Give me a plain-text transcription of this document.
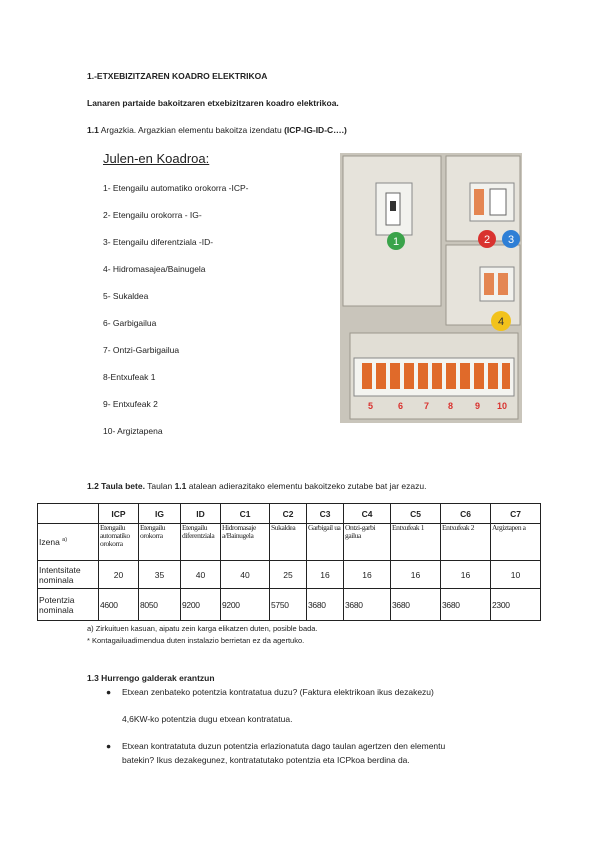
1.-ETXEBIZITZAREN KOADRO ELEKTRIKOA
Lanaren partaide bakoitzaren etxebizitzaren koadro elektrikoa.
1.1 Argazkia. Argazkian elementu bakoitza izendatu (ICP-IG-ID-C….)
Julen-en Koadroa:
1- Etengailu automatiko orokorra -ICP-
2- Etengailu orokorra - IG-
3- Etengailu diferentziala -ID-
4- Hidromasajea/Bainugela
5- Sukaldea
6- Garbigailua
7- Ontzi-Garbigailua
8-Entxufeak 1
9- Entxufeak 2
10- Argiztapena
1	2 3
4
5	6 7 8 9 10
1.2 Taula bete. Taulan 1.1 atalean adierazitako elementu bakoitzeko zutabe bat jar ezazu.
	ICP	IG	ID	C1	C2	C3	C4	C5	C6	C7
Izena $^{a)}$	Etengailu automatiko orokorra	Etengailu orokorra	Etengailu diferentziala	Hidromasaje a/Bainugela	Sukaldea	Garbigail ua	Ontzi-garbi gailua	Entxufeak 1	Entxufeak 2	Argiztapen a
Intentsitate nominala	20	35	40	40	25	16	16	16	16	10
Potentzia nominala	4600	8050	9200	9200	5750	3680	3680	3680	3680	2300
a) Zirkuituen kasuan, aipatu zein karga elikatzen duten, posible bada.
* Kontagailuadimendua duten instalazio berrietan ez da agertuko.
1.3 Hurrengo galderak erantzun
● Etxean zenbateko potentzia kontratatua duzu? (Faktura elektrikoan ikus dezakezu)
4,6KW-ko potentzia dugu etxean kontratatua.
● Etxean kontratatuta duzun potentzia erlazionatuta dago taulan agertzen den elementu
batekin? Ikus dezakegunez, kontratatutako potentzia eta ICPkoa berdina da.
